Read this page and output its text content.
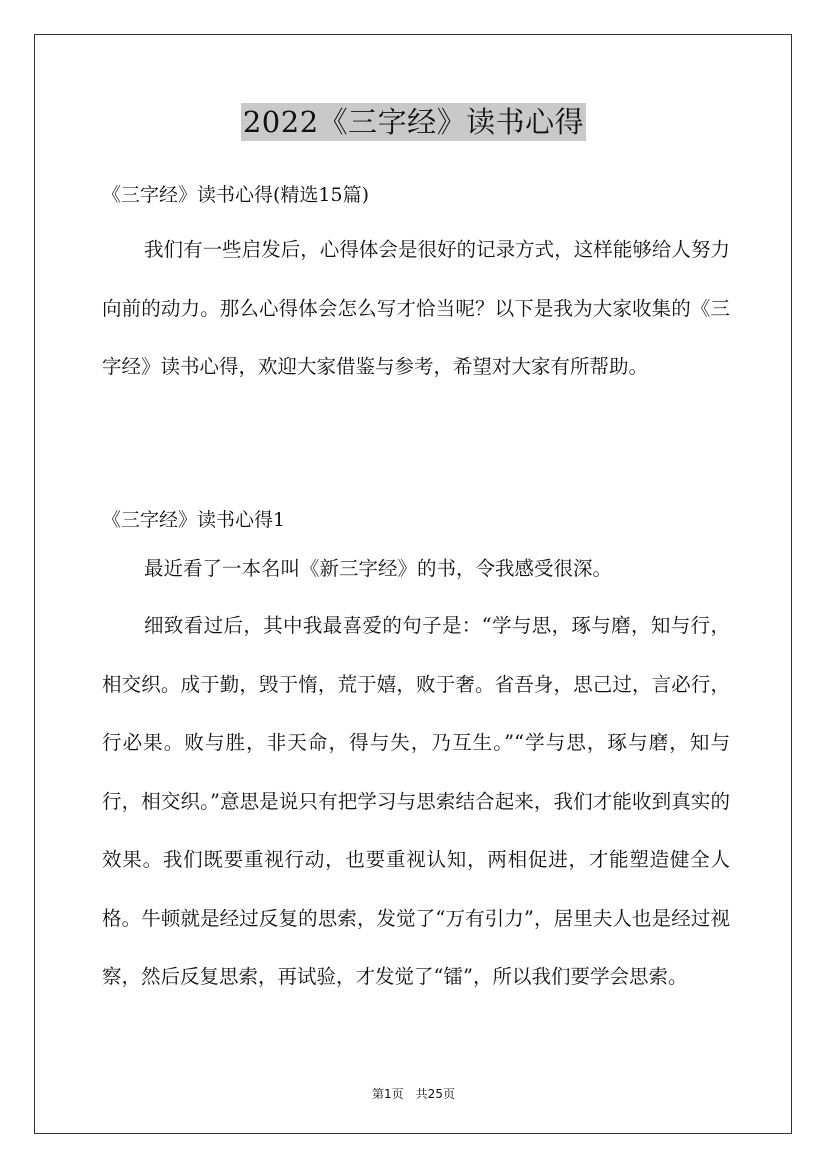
2022《三字经》读书心得
《三字经》读书心得(精选15篇)

我们有一些启发后，心得体会是很好的记录方式，这样能够给人努力向前的动力。那么心得体会怎么写才恰当呢？以下是我为大家收集的《三字经》读书心得，欢迎大家借鉴与参考，希望对大家有所帮助。

《三字经》读书心得1

最近看了一本名叫《新三字经》的书，令我感受很深。

细致看过后，其中我最喜爱的句子是：“学与思，琢与磨，知与行，相交织。成于勤，毁于惰，荒于嬉，败于奢。省吾身，思己过，言必行，行必果。败与胜，非天命，得与失，乃互生。”“学与思，琢与磨，知与行，相交织。”意思是说只有把学习与思索结合起来，我们才能收到真实的效果。我们既要重视行动，也要重视认知，两相促进，才能塑造健全人格。牛顿就是经过反复的思索，发觉了“万有引力”，居里夫人也是经过视察，然后反复思索，再试验，才发觉了“镭”，所以我们要学会思索。

第1页　共25页
